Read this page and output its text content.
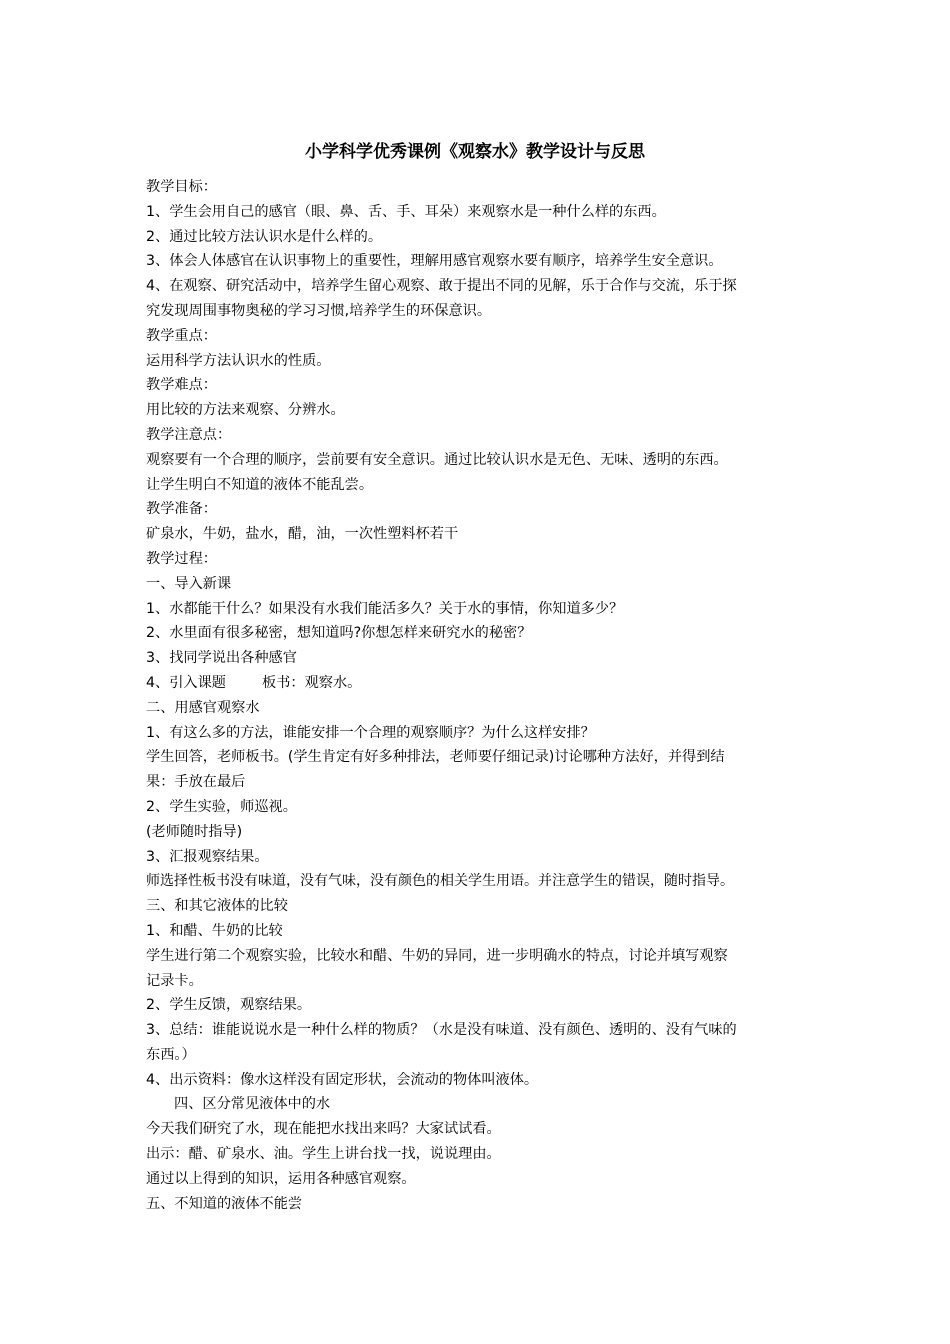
小学科学优秀课例《观察水》教学设计与反思
教学目标：
1、学生会用自己的感官（眼、鼻、舌、手、耳朵）来观察水是一种什么样的东西。
2、通过比较方法认识水是什么样的。
3、体会人体感官在认识事物上的重要性，理解用感官观察水要有顺序，培养学生安全意识。
4、在观察、研究活动中，培养学生留心观察、敢于提出不同的见解，乐于合作与交流，乐于探
究发现周围事物奥秘的学习习惯,培养学生的环保意识。
教学重点：
运用科学方法认识水的性质。
教学难点：
用比较的方法来观察、分辨水。
教学注意点：
观察要有一个合理的顺序，尝前要有安全意识。通过比较认识水是无色、无味、透明的东西。
让学生明白不知道的液体不能乱尝。
教学准备：
矿泉水，牛奶，盐水，醋，油，一次性塑料杯若干
教学过程：
一、导入新课
1、水都能干什么？如果没有水我们能活多久？关于水的事情，你知道多少？
2、水里面有很多秘密，想知道吗?你想怎样来研究水的秘密？
3、找同学说出各种感官
4、引入课题        板书：观察水。
二、用感官观察水
1、有这么多的方法，谁能安排一个合理的观察顺序？为什么这样安排？
学生回答，老师板书。(学生肯定有好多种排法，老师要仔细记录)讨论哪种方法好，并得到结
果：手放在最后
2、学生实验，师巡视。
(老师随时指导)
3、汇报观察结果。
师选择性板书没有味道，没有气味，没有颜色的相关学生用语。并注意学生的错误，随时指导。
三、和其它液体的比较
1、和醋、牛奶的比较
学生进行第二个观察实验，比较水和醋、牛奶的异同，进一步明确水的特点，讨论并填写观察
记录卡。
2、学生反馈，观察结果。
3、总结：谁能说说水是一种什么样的物质？（水是没有味道、没有颜色、透明的、没有气味的
东西。）
4、出示资料：像水这样没有固定形状，会流动的物体叫液体。
四、区分常见液体中的水
今天我们研究了水，现在能把水找出来吗？大家试试看。
出示：醋、矿泉水、油。学生上讲台找一找，说说理由。
通过以上得到的知识，运用各种感官观察。
五、不知道的液体不能尝
